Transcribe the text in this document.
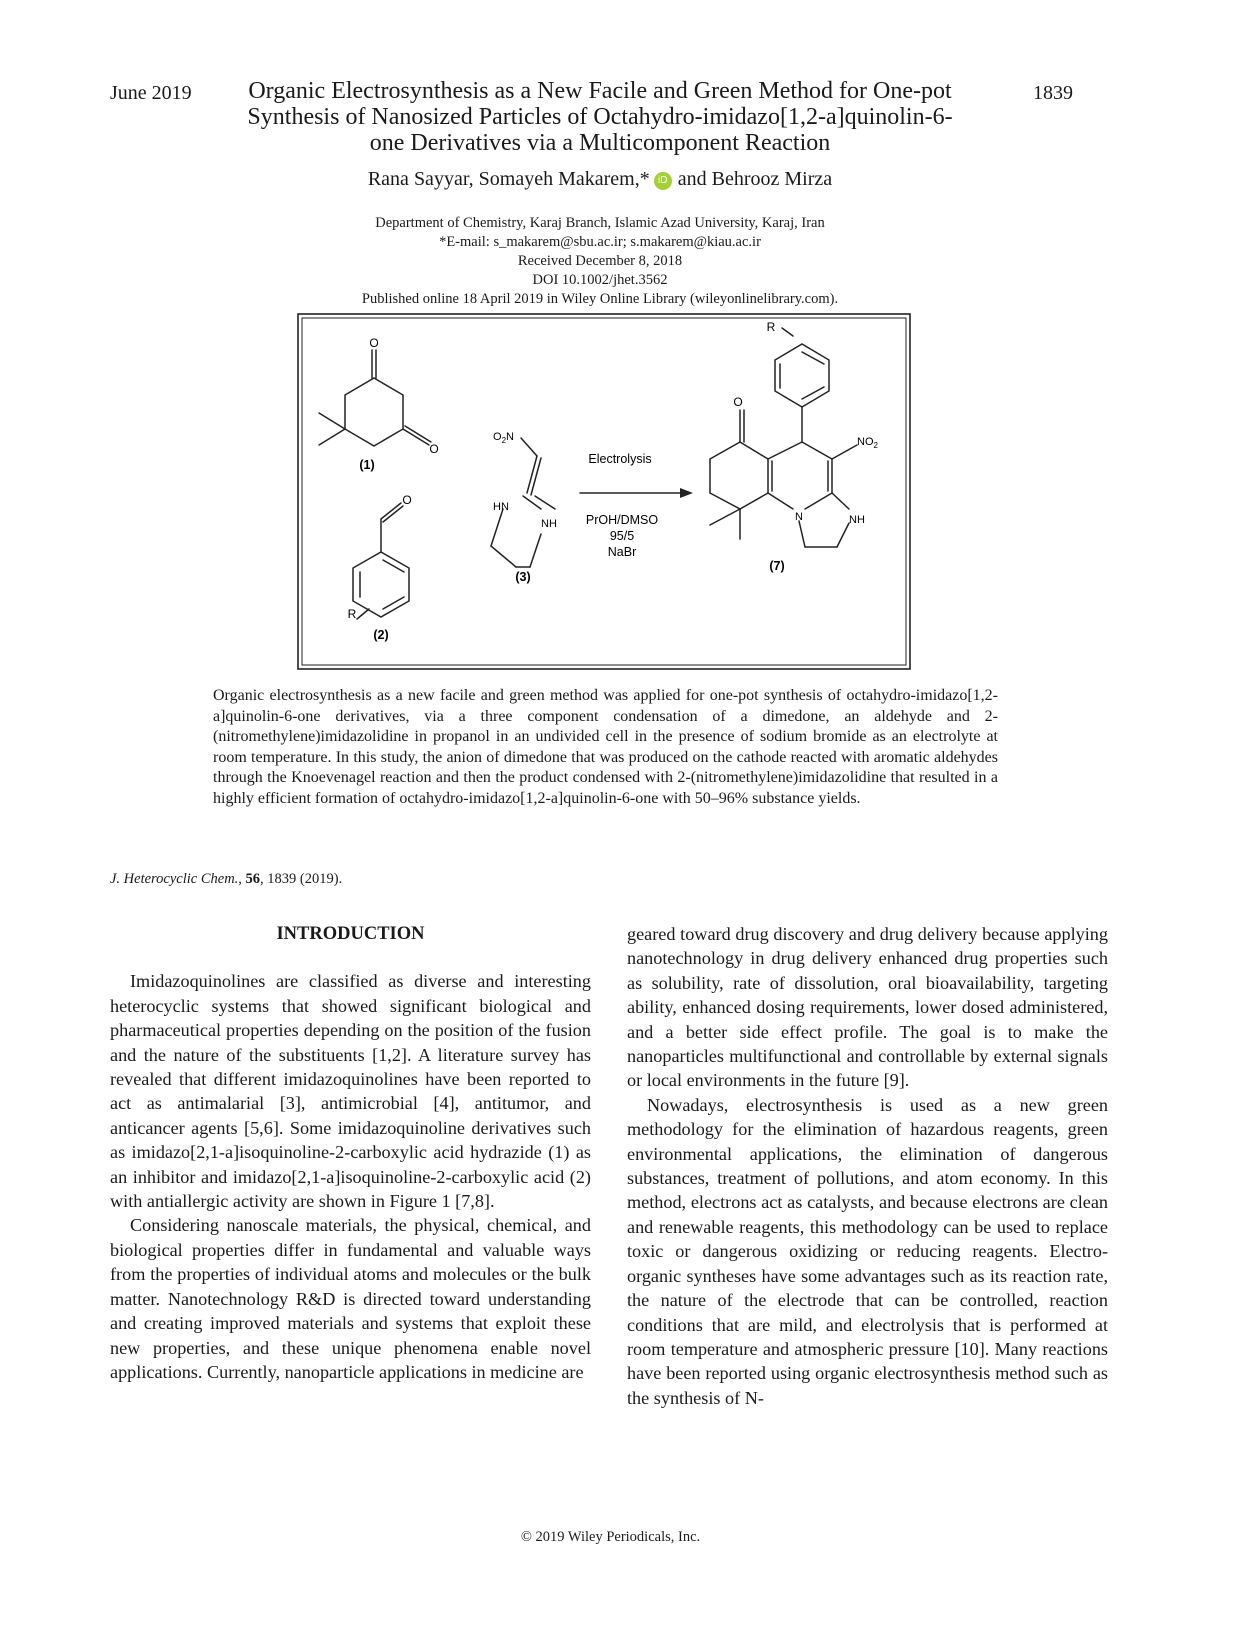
June 2019	1839
Organic Electrosynthesis as a New Facile and Green Method for One-pot Synthesis of Nanosized Particles of Octahydro-imidazo[1,2-a]quinolin-6-one Derivatives via a Multicomponent Reaction
Rana Sayyar, Somayeh Makarem,* iD and Behrooz Mirza
Department of Chemistry, Karaj Branch, Islamic Azad University, Karaj, Iran
*E-mail: s_makarem@sbu.ac.ir; s.makarem@kiau.ac.ir
Received December 8, 2018
DOI 10.1002/jhet.3562
Published online 18 April 2019 in Wiley Online Library (wileyonlinelibrary.com).
O
O
O
R
$O_2N$
HN
NH
O
R
$NO_2$
N	NH
(1)
(2)
(3)
(7)
Electrolysis
PrOH/DMSO
95/5
NaBr
Organic electrosynthesis as a new facile and green method was applied for one-pot synthesis of octahydro-imidazo[1,2-a]quinolin-6-one derivatives, via a three component condensation of a dimedone, an aldehyde and 2-(nitromethylene)imidazolidine in propanol in an undivided cell in the presence of sodium bromide as an electrolyte at room temperature. In this study, the anion of dimedone that was produced on the cathode reacted with aromatic aldehydes through the Knoevenagel reaction and then the product condensed with 2-(nitromethylene)imidazolidine that resulted in a highly efficient formation of octahydro-imidazo[1,2-a]quinolin-6-one with 50–96% substance yields.
J. Heterocyclic Chem., 56, 1839 (2019).

INTRODUCTION

Imidazoquinolines are classified as diverse and interesting heterocyclic systems that showed significant biological and pharmaceutical properties depending on the position of the fusion and the nature of the substituents [1,2]. A literature survey has revealed that different imidazoquinolines have been reported to act as antimalarial [3], antimicrobial [4], antitumor, and anticancer agents [5,6]. Some imidazoquinoline derivatives such as imidazo[2,1-a]isoquinoline-2-carboxylic acid hydrazide (1) as an inhibitor and imidazo[2,1-a]isoquinoline-2-carboxylic acid (2) with antiallergic activity are shown in Figure 1 [7,8].

Considering nanoscale materials, the physical, chemical, and biological properties differ in fundamental and valuable ways from the properties of individual atoms and molecules or the bulk matter. Nanotechnology R&D is directed toward understanding and creating improved materials and systems that exploit these new properties, and these unique phenomena enable novel applications. Currently, nanoparticle applications in medicine are

geared toward drug discovery and drug delivery because applying nanotechnology in drug delivery enhanced drug properties such as solubility, rate of dissolution, oral bioavailability, targeting ability, enhanced dosing requirements, lower dosed administered, and a better side effect profile. The goal is to make the nanoparticles multifunctional and controllable by external signals or local environments in the future [9].

Nowadays, electrosynthesis is used as a new green methodology for the elimination of hazardous reagents, green environmental applications, the elimination of dangerous substances, treatment of pollutions, and atom economy. In this method, electrons act as catalysts, and because electrons are clean and renewable reagents, this methodology can be used to replace toxic or dangerous oxidizing or reducing reagents. Electro-organic syntheses have some advantages such as its reaction rate, the nature of the electrode that can be controlled, reaction conditions that are mild, and electrolysis that is performed at room temperature and atmospheric pressure [10]. Many reactions have been reported using organic electrosynthesis method such as the synthesis of N-

© 2019 Wiley Periodicals, Inc.
